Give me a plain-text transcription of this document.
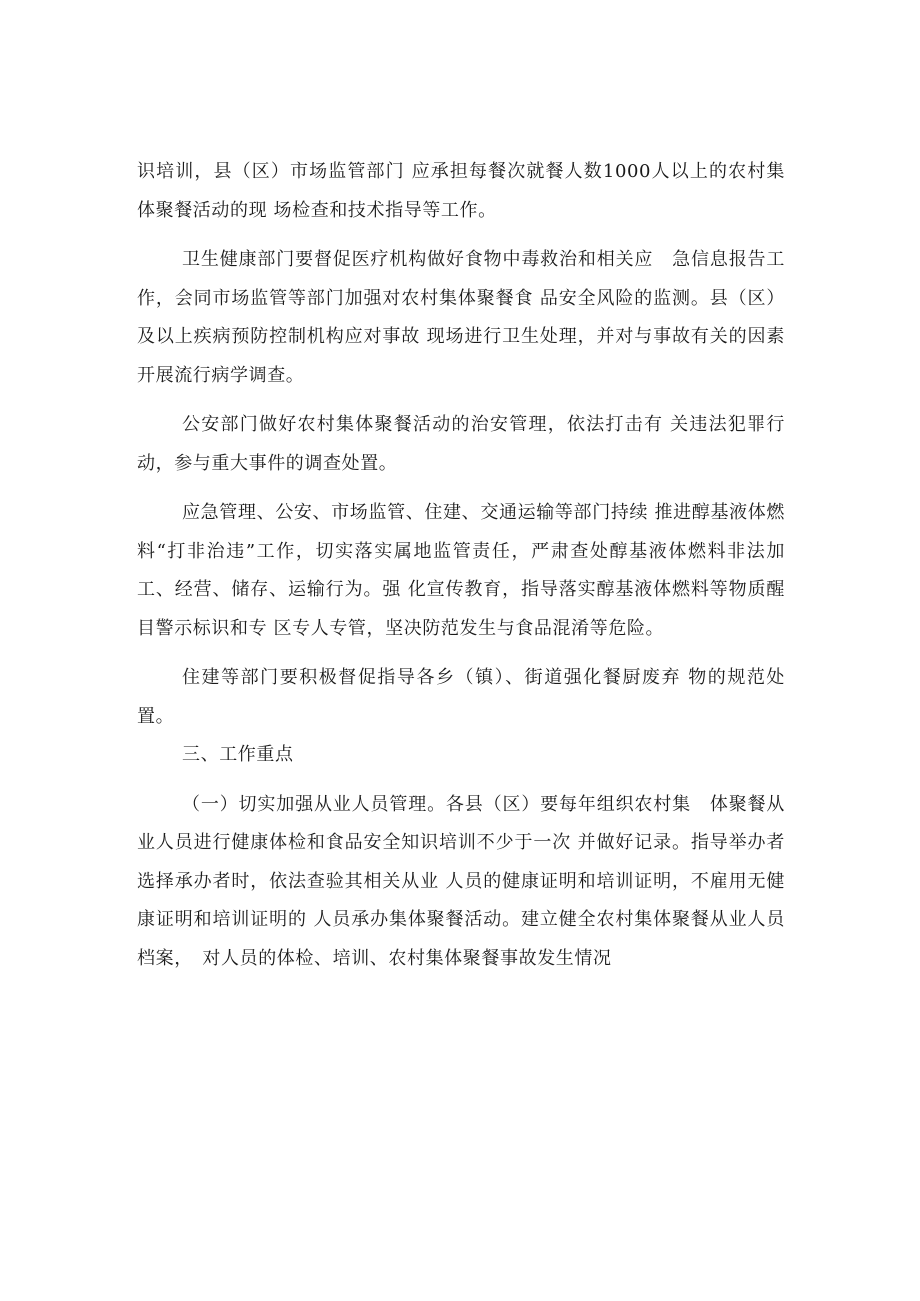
识培训，县（区）市场监管部门 应承担每餐次就餐人数1000人以上的农村集体聚餐活动的现 场检查和技术指导等工作。

卫生健康部门要督促医疗机构做好食物中毒救治和相关应　急信息报告工作，会同市场监管等部门加强对农村集体聚餐食 品安全风险的监测。县（区）及以上疾病预防控制机构应对事故 现场进行卫生处理，并对与事故有关的因素开展流行病学调查。

公安部门做好农村集体聚餐活动的治安管理，依法打击有 关违法犯罪行动，参与重大事件的调查处置。

应急管理、公安、市场监管、住建、交通运输等部门持续 推进醇基液体燃料“打非治违”工作，切实落实属地监管责任，严肃查处醇基液体燃料非法加工、经营、储存、运输行为。强 化宣传教育，指导落实醇基液体燃料等物质醒目警示标识和专 区专人专管，坚决防范发生与食品混淆等危险。

住建等部门要积极督促指导各乡（镇）、街道强化餐厨废弃 物的规范处置。

三、工作重点

（一）切实加强从业人员管理。各县（区）要每年组织农村集　体聚餐从业人员进行健康体检和食品安全知识培训不少于一次 并做好记录。指导举办者选择承办者时，依法查验其相关从业 人员的健康证明和培训证明，不雇用无健康证明和培训证明的 人员承办集体聚餐活动。建立健全农村集体聚餐从业人员档案，　对人员的体检、培训、农村集体聚餐事故发生情况
